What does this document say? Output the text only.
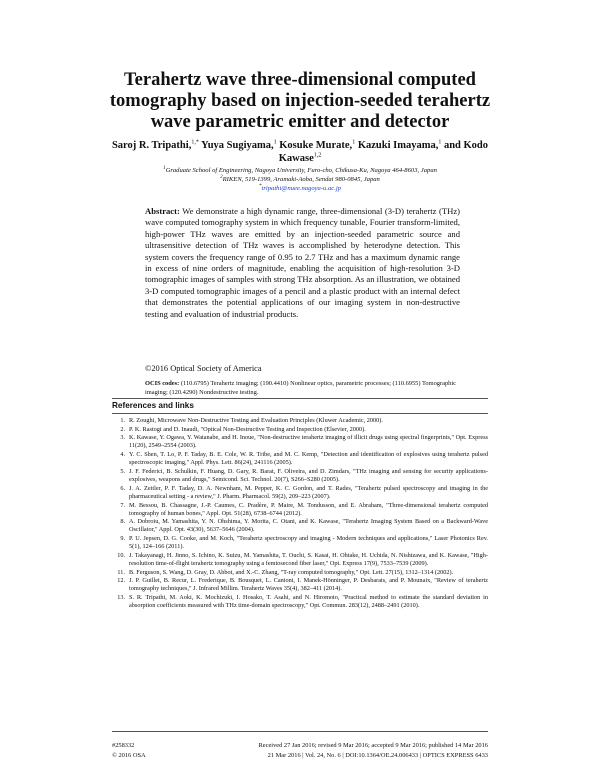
Terahertz wave three-dimensional computed
tomography based on injection-seeded terahertz
wave parametric emitter and detector
Saroj R. Tripathi,$^{1,*}$ Yuya Sugiyama,$^1$ Kosuke Murate,$^1$ Kazuki Imayama,$^1$ and Kodo
Kawase$^{1,2}$
$^1$Graduate School of Engineering, Nagoya University, Furo-cho, Chikusa-Ku, Nagoya 464-8603, Japan
$^2$RIKEN, 519-1399, Aramaki-Aoba, Sendai 980-0845, Japan
*tripathi@nuee.nagoya-u.ac.jp
Abstract: We demonstrate a high dynamic range, three-dimensional (3-D) terahertz (THz) wave computed tomography system in which frequency tunable, Fourier transform-limited, high-power THz waves are emitted by an injection-seeded parametric source and ultrasensitive detection of THz waves is accomplished by heterodyne detection. This system covers the frequency range of 0.95 to 2.7 THz and has a maximum dynamic range in excess of nine orders of magnitude, enabling the acquisition of high-resolution 3-D tomographic images of samples with strong THz absorption. As an illustration, we obtained 3-D computed tomographic images of a pencil and a plastic product with an internal defect that demonstrates the potential applications of our imaging system in non-destructive testing and evaluation of industrial products.
©2016 Optical Society of America
OCIS codes: (110.6795) Terahertz imaging; (190.4410) Nonlinear optics, parametric processes; (110.6955) Tomographic imaging; (120.4290) Nondestructive testing.
References and links
1 . R. Zoughi, Microwave Non-Destructive Testing and Evaluation Principles (Kluwer Academic, 2000).
2 . P. K. Rastogi and D. Inaudi, "Optical Non-Destructive Testing and Inspection (Elsevier, 2000).
3 . K. Kawase, Y. Ogawa, Y. Watanabe, and H. Inoue, "Non-destructive terahertz imaging of illicit drugs using spectral fingerprints," Opt. Express 11(20), 2549–2554 (2003).
4 . Y. C. Shen, T. Lo, P. F. Taday, B. E. Cole, W. R. Tribe, and M. C. Kemp, "Detection and identification of explosives using terahertz pulsed spectroscopic imaging," Appl. Phys. Lett. 86(24), 241116 (2005).
5 . J. F. Federici, B. Schulkin, F. Huang, D. Gary, R. Barat, F. Oliveira, and D. Zimdars, "THz imaging and sensing for security applications-explosives, weapons and drugs," Semicond. Sci. Technol. 20(7), S266–S280 (2005).
6 . J. A. Zeitler, P. F. Taday, D. A. Newnham, M. Pepper, K. C. Gordon, and T. Rades, "Terahertz pulsed spectroscopy and imaging in the pharmaceutical setting - a review," J. Pharm. Pharmacol. 59(2), 209–223 (2007).
7 . M. Bessou, B. Chassagne, J.-P. Caumes, C. Pradère, P. Maire, M. Tondusson, and E. Abraham, "Three-dimensional terahertz computed tomography of human bones," Appl. Opt. 51(28), 6738–6744 (2012).
8 . A. Dobroiu, M. Yamashita, Y. N. Ohshima, Y. Morita, C. Otani, and K. Kawase, "Terahertz Imaging System Based on a Backward-Wave Oscillator," Appl. Opt. 43(30), 5637–5646 (2004).
9 . P. U. Jepsen, D. G. Cooke, and M. Koch, "Terahertz spectroscopy and imaging - Modern techniques and applications," Laser Photonics Rev. 5(1), 124–166 (2011).
10 . J. Takayanagi, H. Jinno, S. Ichino, K. Suizu, M. Yamashita, T. Ouchi, S. Kasai, H. Ohtake, H. Uchida, N. Nishizawa, and K. Kawase, "High-resolution time-of-flight terahertz tomography using a femtosecond fiber laser," Opt. Express 17(9), 7533–7539 (2009).
11 . B. Ferguson, S. Wang, D. Gray, D. Abbot, and X.-C. Zhang, "T-ray computed tomography," Opt. Lett. 27(15), 1312–1314 (2002).
12 . J. P. Guillet, B. Recur, L. Frederique, B. Bousquet, L. Canioni, I. Manek-Hönninger, P. Desbarats, and P. Mounaix, "Review of terahertz tomography techniques," J. Infrared Millim. Terahertz Waves 35(4), 382–411 (2014).
13 . S. R. Tripathi, M. Aoki, K. Mochizuki, I. Hosako, T. Asahi, and N. Hiromoto, "Practical method to estimate the standard deviation in absorption coefficients measured with THz time-domain spectroscopy," Opt. Commun. 283(12), 2488–2491 (2010).
#258332	Received 27 Jan 2016; revised 9 Mar 2016; accepted 9 Mar 2016; published 14 Mar 2016
© 2016 OSA	21 Mar 2016 | Vol. 24, No. 6 | DOI:10.1364/OE.24.006433 | OPTICS EXPRESS 6433
